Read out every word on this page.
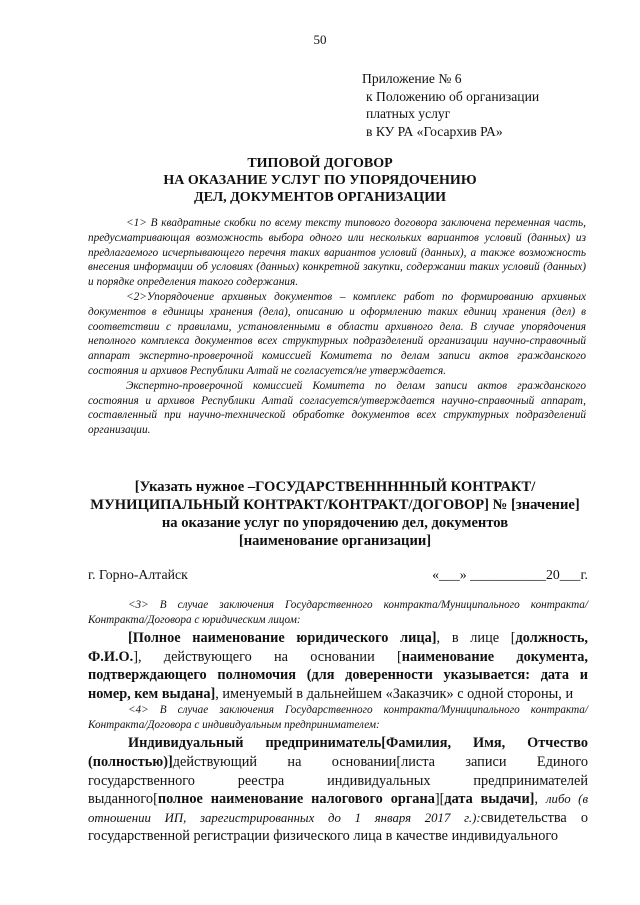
50
Приложение № 6
к Положению об организации
платных услуг
в КУ РА «Госархив РА»
ТИПОВОЙ ДОГОВОР
НА ОКАЗАНИЕ УСЛУГ ПО УПОРЯДОЧЕНИЮ
ДЕЛ, ДОКУМЕНТОВ ОРГАНИЗАЦИИ

<1> В квадратные скобки по всему тексту типового договора заключена переменная часть, предусматривающая возможность выбора одного или нескольких вариантов условий (данных) из предлагаемого исчерпывающего перечня таких вариантов условий (данных), а также возможность внесения информации об условиях (данных) конкретной закупки, содержании таких условий (данных) и порядке определения такого содержания.

<2>Упорядочение архивных документов – комплекс работ по формированию архивных документов в единицы хранения (дела), описанию и оформлению таких единиц хранения (дел) в соответствии с правилами, установленными в области архивного дела. В случае упорядочения неполного комплекса документов всех структурных подразделений организации научно-справочный аппарат экспертно-проверочной комиссией Комитета по делам записи актов гражданского состояния и архивов Республики Алтай не согласуется/не утверждается.

Экспертно-проверочной комиссией Комитета по делам записи актов гражданского состояния и архивов Республики Алтай согласуется/утверждается научно-справочный аппарат, составленный при научно-технической обработке документов всех структурных подразделений организации.

[Указать нужное –ГОСУДАРСТВЕНННННЫЙ КОНТРАКТ/
МУНИЦИПАЛЬНЫЙ КОНТРАКТ/КОНТРАКТ/ДОГОВОР] № [значение]
на оказание услуг по упорядочению дел, документов
[наименование организации]
г. Горно-Алтайск	«___» ___________20___г.

<3> В случае заключения Государственного контракта/Муниципального контракта/Контракта/Договора с юридическим лицом:

[Полное наименование юридического лица], в лице [должность, Ф.И.О.], действующего на основании [наименование документа, подтверждающего полномочия (для доверенности указывается: дата и номер, кем выдана], именуемый в дальнейшем «Заказчик» с одной стороны, и

<4> В случае заключения Государственного контракта/Муниципального контракта/Контракта/Договора с индивидуальным предпринимателем:

Индивидуальный предприниматель[Фамилия, Имя, Отчество (полностью)]действующий на основании[листа записи Единого государственного реестра индивидуальных предпринимателей выданного[полное наименование налогового органа][дата выдачи], либо (в отношении ИП, зарегистрированных до 1 января 2017 г.):свидетельства о государственной регистрации физического лица в качестве индивидуального
